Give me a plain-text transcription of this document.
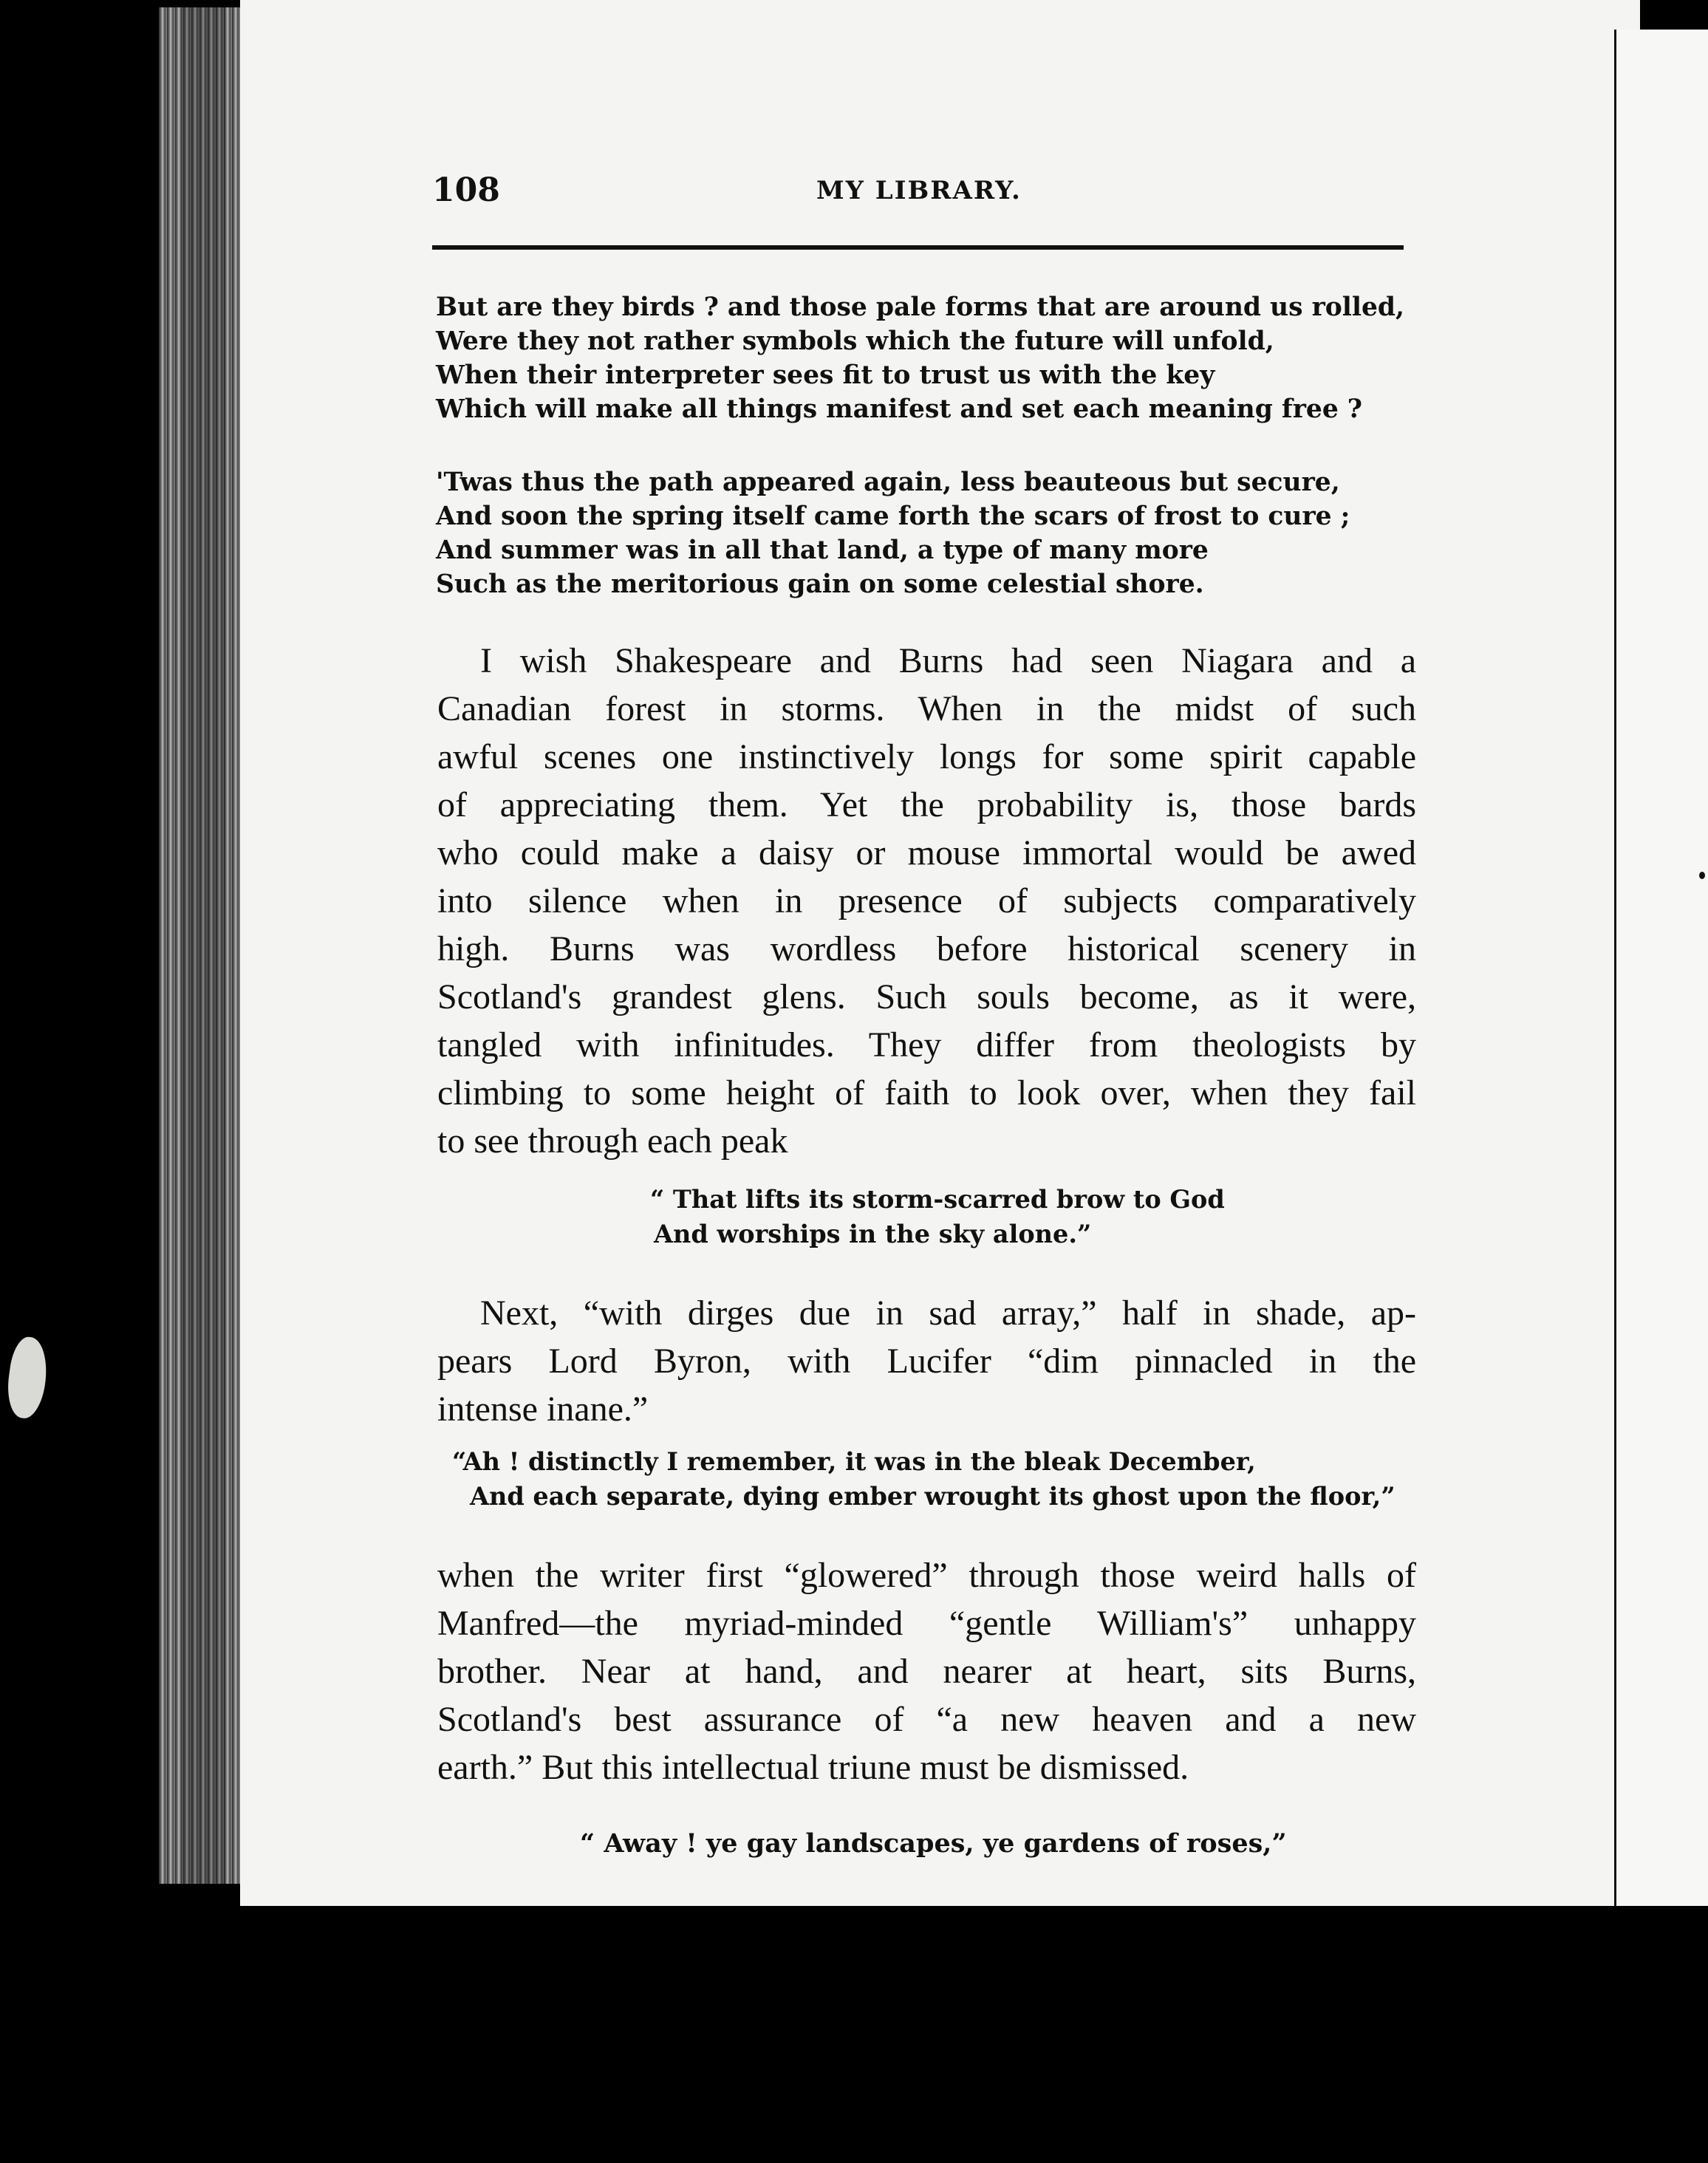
108	MY LIBRARY.
But are they birds ? and those pale forms that are around us rolled,
Were they not rather symbols which the future will unfold,
When their interpreter sees fit to trust us with the key
Which will make all things manifest and set each meaning free ?
'Twas thus the path appeared again, less beauteous but secure,
And soon the spring itself came forth the scars of frost to cure ;
And summer was in all that land, a type of many more
Such as the meritorious gain on some celestial shore.
I wish Shakespeare and Burns had seen Niagara and a
Canadian forest in storms. When in the midst of such
awful scenes one instinctively longs for some spirit capable
of appreciating them. Yet the probability is, those bards
who could make a daisy or mouse immortal would be awed
into silence when in presence of subjects comparatively
high. Burns was wordless before historical scenery in
Scotland's grandest glens. Such souls become, as it were,
tangled with infinitudes. They differ from theologists by
climbing to some height of faith to look over, when they fail
to see through each peak
“ That lifts its storm-scarred brow to God
And worships in the sky alone.”
Next, “with dirges due in sad array,” half in shade, ap-
pears Lord Byron, with Lucifer “dim pinnacled in the
intense inane.”
“Ah ! distinctly I remember, it was in the bleak December,
And each separate, dying ember wrought its ghost upon the floor,”
when the writer first “glowered” through those weird halls of
Manfred—the myriad-minded “gentle William's” unhappy
brother. Near at hand, and nearer at heart, sits Burns,
Scotland's best assurance of “a new heaven and a new
earth.” But this intellectual triune must be dismissed.
“ Away ! ye gay landscapes, ye gardens of roses,”
